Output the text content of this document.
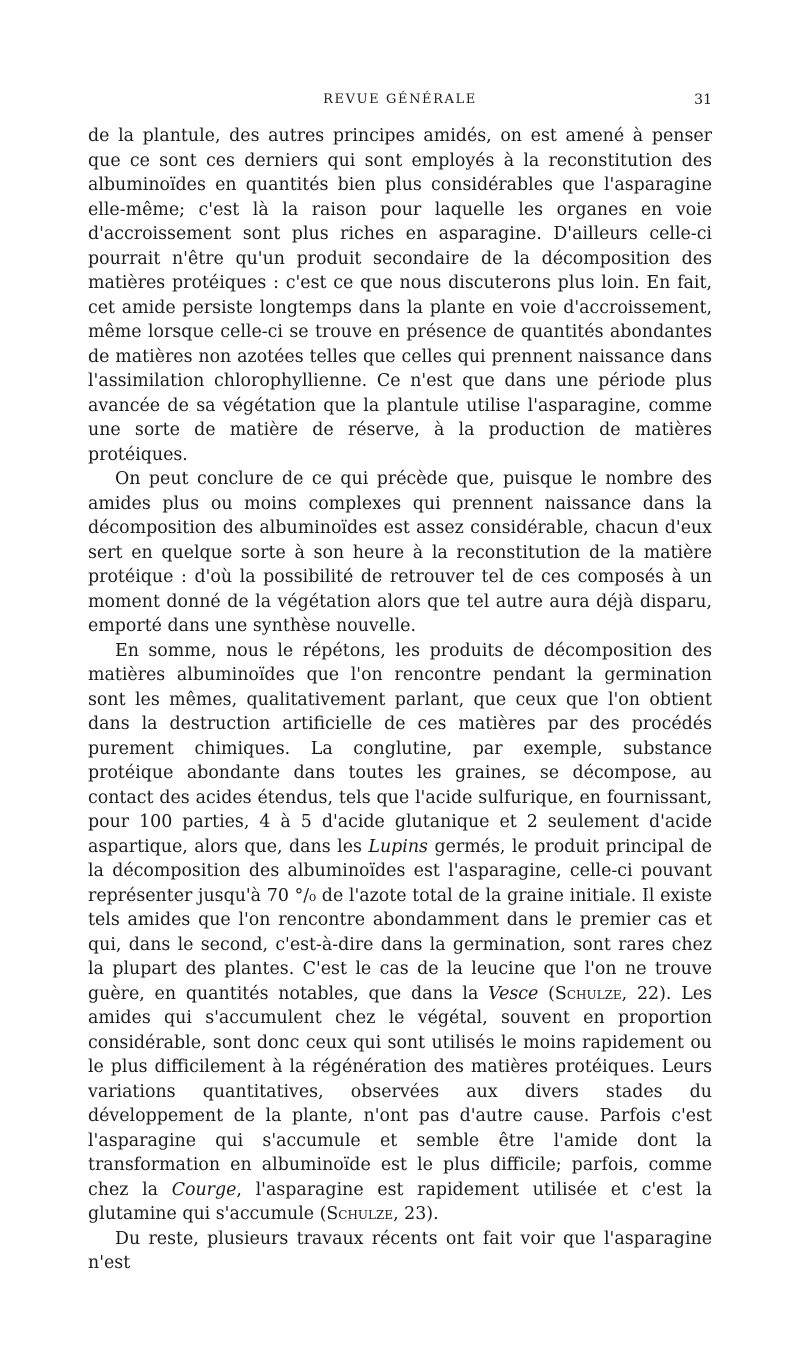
REVUE GÉNÉRALE	31

de la plantule, des autres principes amidés, on est amené à penser que ce sont ces derniers qui sont employés à la reconstitution des albuminoïdes en quantités bien plus considérables que l'asparagine elle-même; c'est là la raison pour laquelle les organes en voie d'accroissement sont plus riches en asparagine. D'ailleurs celle-ci pourrait n'être qu'un produit secondaire de la décomposition des matières protéiques : c'est ce que nous discuterons plus loin. En fait, cet amide persiste longtemps dans la plante en voie d'accroissement, même lorsque celle-ci se trouve en présence de quantités abondantes de matières non azotées telles que celles qui prennent naissance dans l'assimilation chlorophyllienne. Ce n'est que dans une période plus avancée de sa végétation que la plantule utilise l'asparagine, comme une sorte de matière de réserve, à la production de matières protéiques.

On peut conclure de ce qui précède que, puisque le nombre des amides plus ou moins complexes qui prennent naissance dans la décomposition des albuminoïdes est assez considérable, chacun d'eux sert en quelque sorte à son heure à la reconstitution de la matière protéique : d'où la possibilité de retrouver tel de ces composés à un moment donné de la végétation alors que tel autre aura déjà disparu, emporté dans une synthèse nouvelle.

En somme, nous le répétons, les produits de décomposition des matières albuminoïdes que l'on rencontre pendant la germination sont les mêmes, qualitativement parlant, que ceux que l'on obtient dans la destruction artificielle de ces matières par des procédés purement chimiques. La conglutine, par exemple, substance protéique abondante dans toutes les graines, se décompose, au contact des acides étendus, tels que l'acide sulfurique, en fournissant, pour 100 parties, 4 à 5 d'acide glutanique et 2 seulement d'acide aspartique, alors que, dans les Lupins germés, le produit principal de la décomposition des albuminoïdes est l'asparagine, celle-ci pouvant représenter jusqu'à 70 °/₀ de l'azote total de la graine initiale. Il existe tels amides que l'on rencontre abondamment dans le premier cas et qui, dans le second, c'est-à-dire dans la germination, sont rares chez la plupart des plantes. C'est le cas de la leucine que l'on ne trouve guère, en quantités notables, que dans la Vesce (Schulze, 22). Les amides qui s'accumulent chez le végétal, souvent en proportion considérable, sont donc ceux qui sont utilisés le moins rapidement ou le plus difficilement à la régénération des matières protéiques. Leurs variations quantitatives, observées aux divers stades du développement de la plante, n'ont pas d'autre cause. Parfois c'est l'asparagine qui s'accumule et semble être l'amide dont la transformation en albuminoïde est le plus difficile; parfois, comme chez la Courge, l'asparagine est rapidement utilisée et c'est la glutamine qui s'accumule (Schulze, 23).

Du reste, plusieurs travaux récents ont fait voir que l'asparagine n'est
